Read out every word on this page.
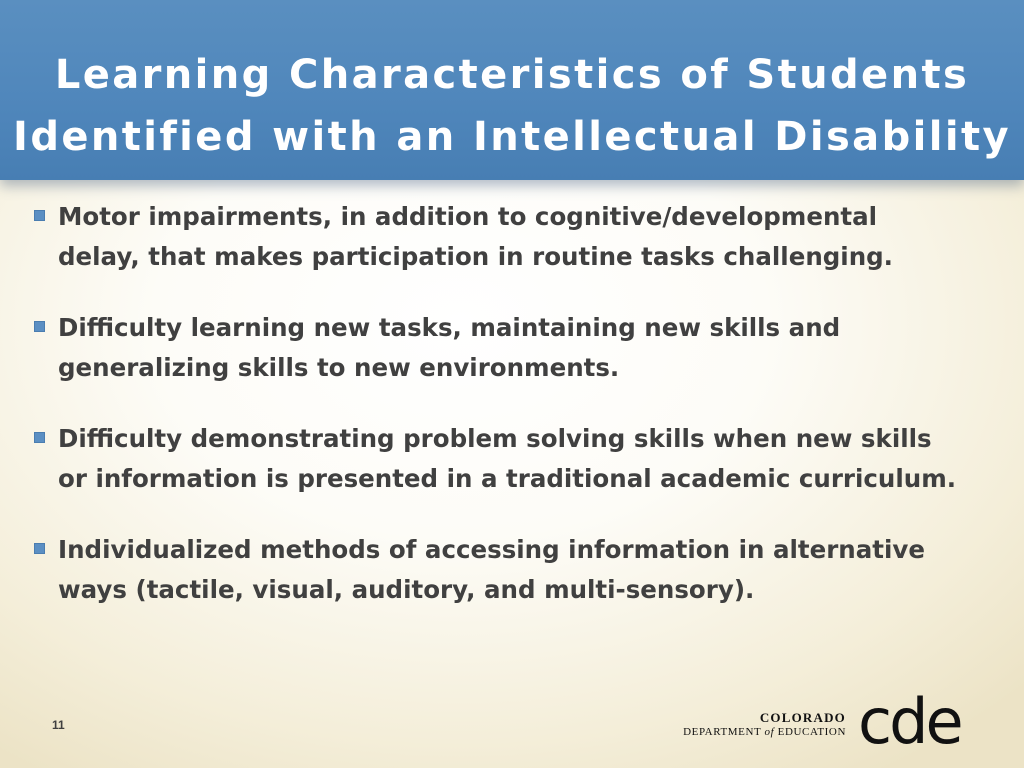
Learning Characteristics of Students
Identified with an Intellectual Disability
Motor impairments, in addition to cognitive/developmental
delay, that makes participation in routine tasks challenging.
Difficulty learning new tasks, maintaining new skills and
generalizing skills to new environments.
Difficulty demonstrating problem solving skills when new skills
or information is presented in a traditional academic curriculum.
Individualized methods of accessing information in alternative
ways (tactile, visual, auditory, and multi-sensory).
11	COLORADO
DEPARTMENT of EDUCATION cde
